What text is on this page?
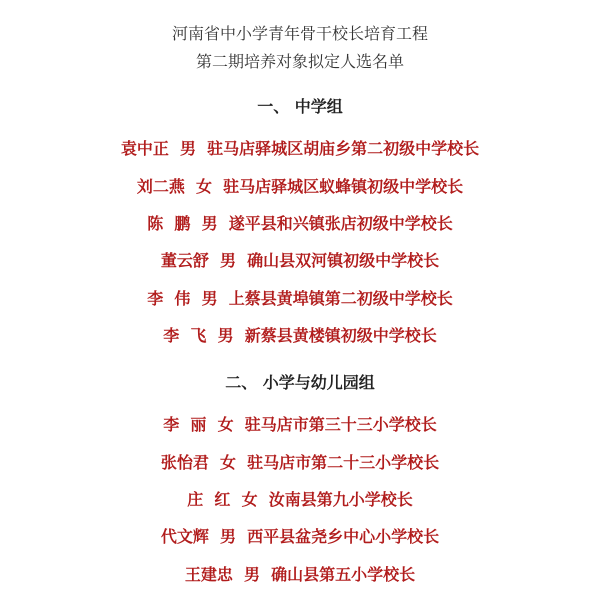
河南省中小学青年骨干校长培育工程
第二期培养对象拟定人选名单
一、 中学组
袁中正  男  驻马店驿城区胡庙乡第二初级中学校长
刘二燕  女  驻马店驿城区蚁蜂镇初级中学校长
陈  鹏  男  遂平县和兴镇张店初级中学校长
董云舒  男  确山县双河镇初级中学校长
李  伟  男  上蔡县黄埠镇第二初级中学校长
李  飞  男  新蔡县黄楼镇初级中学校长
二、 小学与幼儿园组
李  丽  女  驻马店市第三十三小学校长
张怡君  女  驻马店市第二十三小学校长
庄  红  女  汝南县第九小学校长
代文辉  男  西平县盆尧乡中心小学校长
王建忠  男  确山县第五小学校长
